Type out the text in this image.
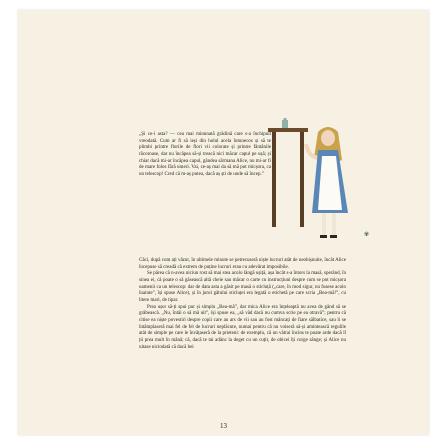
„Și ce-i asta? — cea mai minunată grădină care s-a închipuit vreodată. Cum ar fi să ieși din holul acela întunecos și să te plimbi printre florile de flori vii colorate și printre fântânile răcoroase, dar nu încăpea să-și treacă nici măcar capul pe ușă; și chiar dacă mi-ar încăpea capul, gândea sărmana Alice, nu mi-ar fi de mare folos fără umeri. Vai, ce-aș mai da să mă pot micșora, ca un telescop! Cred că m-aș putea, dacă aș ști de unde să încep.”

✾

Căci, după cum ați văzut, în ultimele minute se petrecuseră niște lucruri atât de neobișnuite, încât Alice începuse să creadă că extrem de puține lucruri erau cu adevărat imposibile.

Se părea că n-avea niciun rost să mai stea acolo lângă ușiță, așa încât s-a întors la masă, sperând, în sinea ei, că poate o să găsească altă cheie sau măcar o carte cu instrucțiuni despre cum se pot micșora oamenii ca un telescop: dar de data asta a găsit pe masă o sticluță („care, în mod sigur, nu fusese acolo înainte”, își spuse Alice), și în jurul gâtului sticluței era legată o etichetă pe care scria „Bea-mă!”, cu litere mari, de tipar.

Prea ușor să-ți spui pur și simplu „Bea-mă”, dar mica Alice era înțeleaptă nu avea de gând să se grăbească. „Nu, întâi o să mă uit”, își spuse ea, „să văd dacă nu cumva scrie pe ea otravă”; pentru că citise ea niște povestiri despre copii care au ars de vii sau au fost mâncați de fiare sălbatice, sau li se întâmplaseră mai fel de fel de lucruri neplăcute, numai pentru că nu voiseră să-și amintească regulile atât de simple pe care le învățaseră de la prieteni: de exemplu, că un vătrai încins te poate arde dacă îl ții prea mult în mână; că, dacă te tai adânc la deget cu un cuțit, de obicei îți curge sânge; și Alice nu uitase niciodată că dacă bei

13
